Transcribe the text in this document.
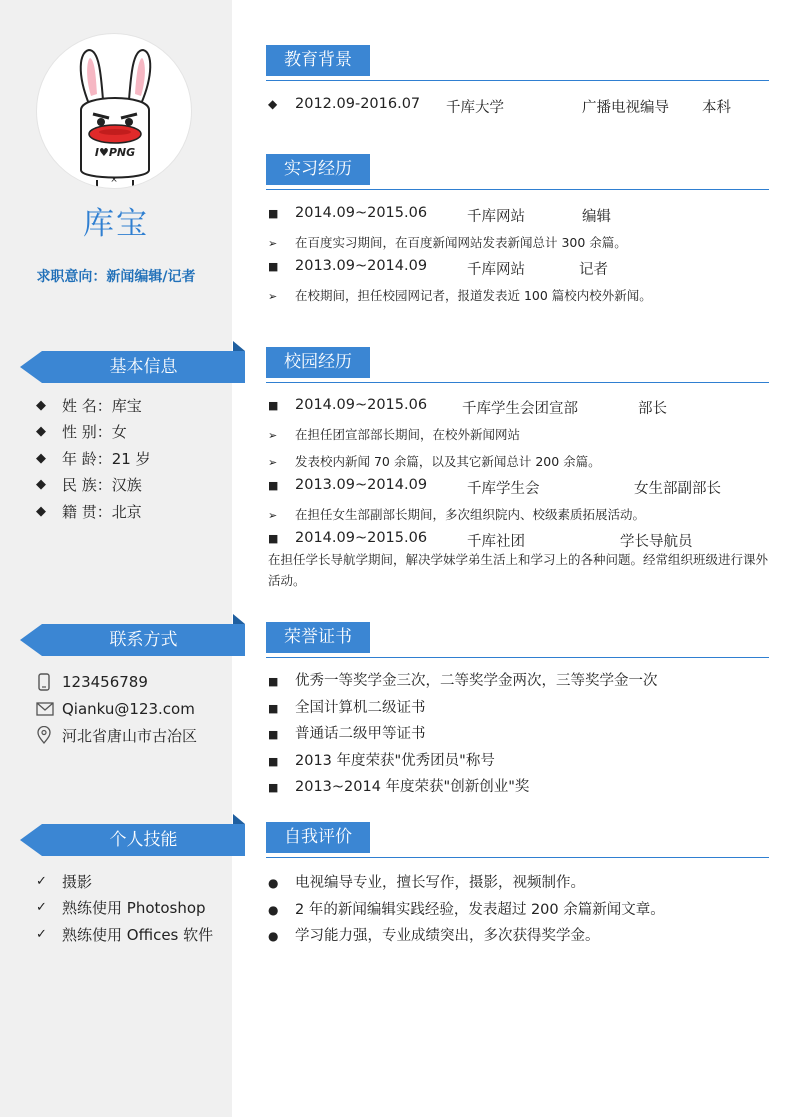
×
I♥PNG
库宝
求职意向：新闻编辑/记者
基本信息
◆	姓 名：库宝
◆	性 别：女
◆	年 龄：21 岁
◆	民 族：汉族
◆	籍 贯：北京
联系方式
123456789
Qianku@123.com
河北省唐山市古冶区
个人技能
✓	摄影
✓	熟练使用 Photoshop
✓	熟练使用 Offices 软件
教育背景
◆ 2012.09-2016.07 千库大学	广播电视编导 本科
实习经历
■ 2014.09~2015.06	千库网站	编辑
➢ 在百度实习期间，在百度新闻网站发表新闻总计 300 余篇。
■ 2013.09~2014.09	千库网站	记者
➢ 在校期间，担任校园网记者，报道发表近 100 篇校内校外新闻。
校园经历
■ 2014.09~2015.06 千库学生会团宣部	部长
➢ 在担任团宣部部长期间，在校外新闻网站
➢ 发表校内新闻 70 余篇，以及其它新闻总计 200 余篇。
■ 2013.09~2014.09	千库学生会	女生部副部长
➢ 在担任女生部副部长期间，多次组织院内、校级素质拓展活动。
■ 2014.09~2015.06	千库社团	学长导航员
在担任学长导航学期间，解决学妹学弟生活上和学习上的各种问题。经常组织班级进行课外活动。
荣誉证书
■ 优秀一等奖学金三次，二等奖学金两次，三等奖学金一次
■ 全国计算机二级证书
■ 普通话二级甲等证书
■ 2013 年度荣获"优秀团员"称号
■ 2013~2014 年度荣获"创新创业"奖
自我评价
● 电视编导专业，擅长写作，摄影，视频制作。
● 2 年的新闻编辑实践经验，发表超过 200 余篇新闻文章。
● 学习能力强，专业成绩突出，多次获得奖学金。
